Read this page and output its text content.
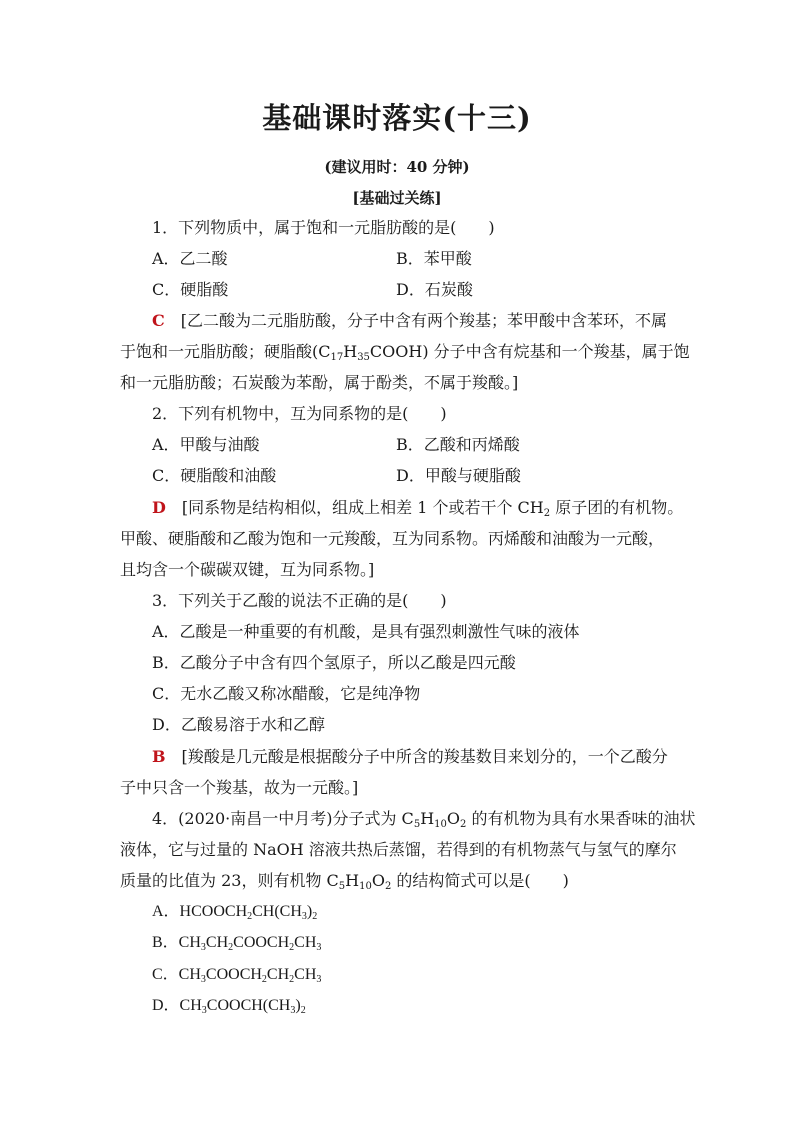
基础课时落实(十三)
(建议用时：40 分钟)
[基础过关练]
1．下列物质中，属于饱和一元脂肪酸的是(　　)
A．乙二酸	B．苯甲酸
C．硬脂酸	D．石炭酸
C [乙二酸为二元脂肪酸，分子中含有两个羧基；苯甲酸中含苯环，不属
于饱和一元脂肪酸；硬脂酸$(C_{17}H_{35}COOH)$ 分子中含有烷基和一个羧基，属于饱
和一元脂肪酸；石炭酸为苯酚，属于酚类，不属于羧酸。]
2．下列有机物中，互为同系物的是(　　)
A．甲酸与油酸	B．乙酸和丙烯酸
C．硬脂酸和油酸	D．甲酸与硬脂酸
D [同系物是结构相似，组成上相差 1 个或若干个 $CH_2$ 原子团的有机物。
甲酸、硬脂酸和乙酸为饱和一元羧酸，互为同系物。丙烯酸和油酸为一元酸，
且均含一个碳碳双键，互为同系物。]
3．下列关于乙酸的说法不正确的是(　　)
A．乙酸是一种重要的有机酸，是具有强烈刺激性气味的液体
B．乙酸分子中含有四个氢原子，所以乙酸是四元酸
C．无水乙酸又称冰醋酸，它是纯净物
D．乙酸易溶于水和乙醇
B [羧酸是几元酸是根据酸分子中所含的羧基数目来划分的，一个乙酸分
子中只含一个羧基，故为一元酸。]
4．(2020·南昌一中月考)分子式为 $C_5H_{10}O_2$ 的有机物为具有水果香味的油状
液体，它与过量的 NaOH 溶液共热后蒸馏，若得到的有机物蒸气与氢气的摩尔
质量的比值为 23，则有机物 $C_5H_{10}O_2$ 的结构简式可以是(　　)
A．$HCOOCH_2CH(CH_3)_2$
B．$CH_3CH_2COOCH_2CH_3$
C．$CH_3COOCH_2CH_2CH_3$
D．$CH_3COOCH(CH_3)_2$
